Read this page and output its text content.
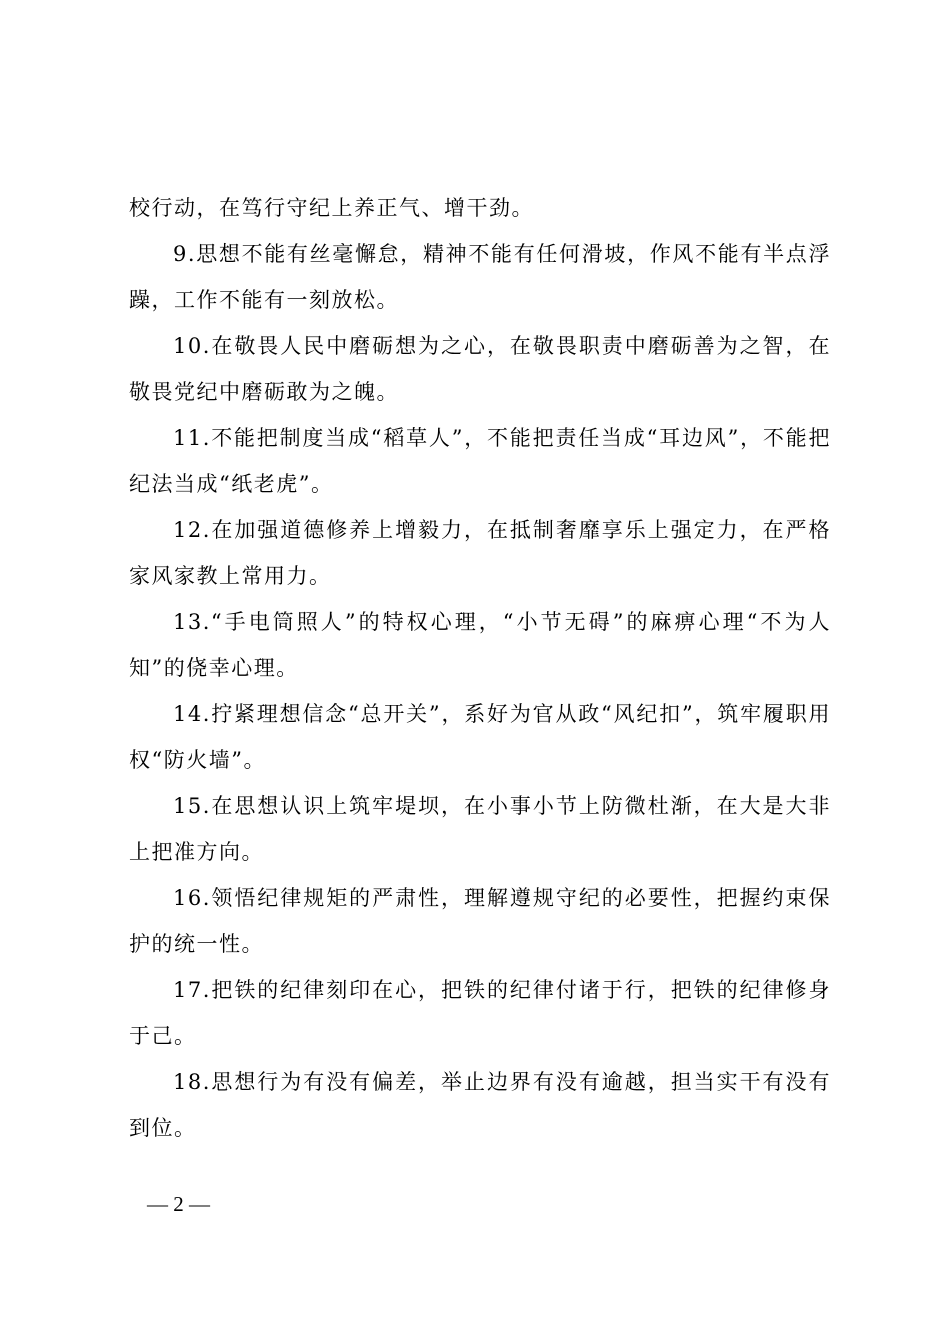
校行动，在笃行守纪上养正气、增干劲。

9.思想不能有丝毫懈怠，精神不能有任何滑坡，作风不能有半点浮躁，工作不能有一刻放松。

10.在敬畏人民中磨砺想为之心，在敬畏职责中磨砺善为之智，在敬畏党纪中磨砺敢为之魄。

11.不能把制度当成“稻草人”，不能把责任当成“耳边风”，不能把纪法当成“纸老虎”。

12.在加强道德修养上增毅力，在抵制奢靡享乐上强定力，在严格家风家教上常用力。

13.“手电筒照人”的特权心理，“小节无碍”的麻痹心理“不为人知”的侥幸心理。

14.拧紧理想信念“总开关”，系好为官从政“风纪扣”，筑牢履职用权“防火墙”。

15.在思想认识上筑牢堤坝，在小事小节上防微杜渐，在大是大非上把准方向。

16.领悟纪律规矩的严肃性，理解遵规守纪的必要性，把握约束保护的统一性。

17.把铁的纪律刻印在心，把铁的纪律付诸于行，把铁的纪律修身于己。

18.思想行为有没有偏差，举止边界有没有逾越，担当实干有没有到位。

— 2 —
